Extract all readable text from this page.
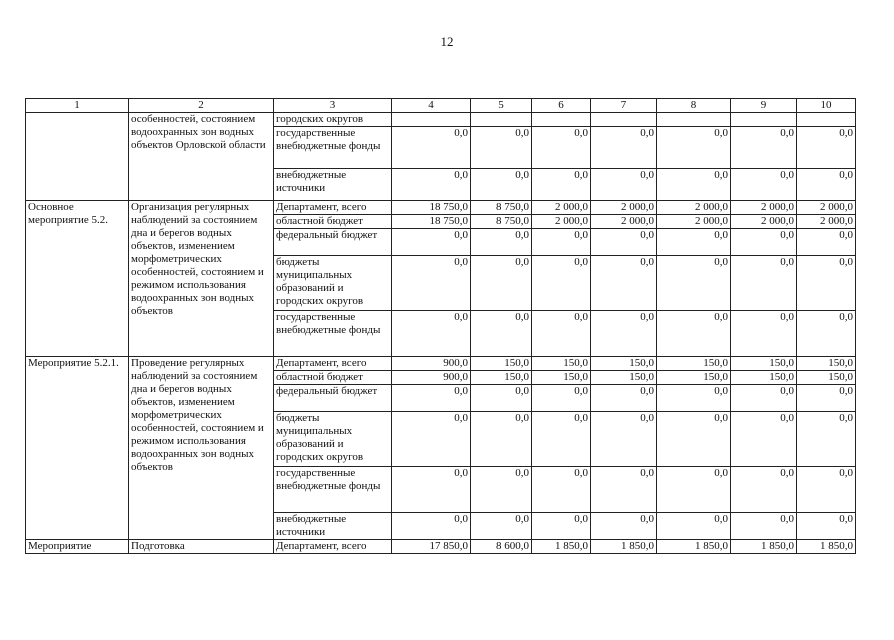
12
1	2	3	4	5	6	7	8	9	10
	особенностей, состоянием водоохранных зон водных объектов Орловской области	городских округов							
		государственные внебюджетные фонды	0,0	0,0	0,0	0,0	0,0	0,0	0,0
		внебюджетные источники	0,0	0,0	0,0	0,0	0,0	0,0	0,0
Основное мероприятие 5.2.	Организация регулярных наблюдений за состоянием дна и берегов водных объектов, изменением морфометрических особенностей, состоянием и режимом использования водоохранных зон водных объектов	Департамент, всего	18 750,0	8 750,0	2 000,0	2 000,0	2 000,0	2 000,0	2 000,0
		областной бюджет	18 750,0	8 750,0	2 000,0	2 000,0	2 000,0	2 000,0	2 000,0
		федеральный бюджет	0,0	0,0	0,0	0,0	0,0	0,0	0,0
		бюджеты муниципальных образований и городских округов	0,0	0,0	0,0	0,0	0,0	0,0	0,0
		государственные внебюджетные фонды	0,0	0,0	0,0	0,0	0,0	0,0	0,0
Мероприятие 5.2.1.	Проведение регулярных наблюдений за состоянием дна и берегов водных объектов, изменением морфометрических особенностей, состоянием и режимом использования водоохранных зон водных объектов	Департамент, всего	900,0	150,0	150,0	150,0	150,0	150,0	150,0
		областной бюджет	900,0	150,0	150,0	150,0	150,0	150,0	150,0
		федеральный бюджет	0,0	0,0	0,0	0,0	0,0	0,0	0,0
		бюджеты муниципальных образований и городских округов	0,0	0,0	0,0	0,0	0,0	0,0	0,0
		государственные внебюджетные фонды	0,0	0,0	0,0	0,0	0,0	0,0	0,0
		внебюджетные источники	0,0	0,0	0,0	0,0	0,0	0,0	0,0
Мероприятие	Подготовка	Департамент, всего	17 850,0	8 600,0	1 850,0	1 850,0	1 850,0	1 850,0	1 850,0
